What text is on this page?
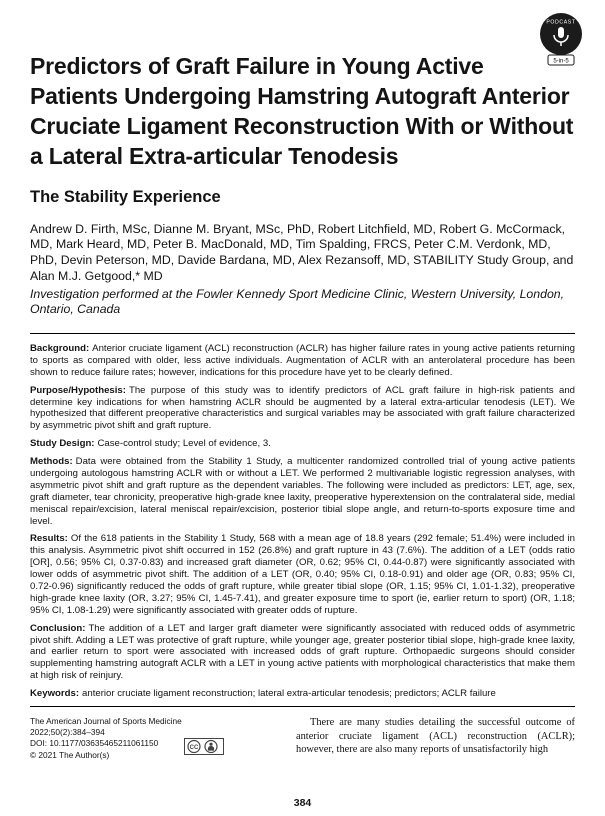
PODCAST
5-in-5
Predictors of Graft Failure in Young Active Patients Undergoing Hamstring Autograft Anterior Cruciate Ligament Reconstruction With or Without a Lateral Extra-articular Tenodesis
The Stability Experience
Andrew D. Firth, MSc, Dianne M. Bryant, MSc, PhD, Robert Litchfield, MD, Robert G. McCormack, MD, Mark Heard, MD, Peter B. MacDonald, MD, Tim Spalding, FRCS, Peter C.M. Verdonk, MD, PhD, Devin Peterson, MD, Davide Bardana, MD, Alex Rezansoff, MD, STABILITY Study Group, and Alan M.J. Getgood,* MD
Investigation performed at the Fowler Kennedy Sport Medicine Clinic, Western University, London, Ontario, Canada

Background: Anterior cruciate ligament (ACL) reconstruction (ACLR) has higher failure rates in young active patients returning to sports as compared with older, less active individuals. Augmentation of ACLR with an anterolateral procedure has been shown to reduce failure rates; however, indications for this procedure have yet to be clearly defined.

Purpose/Hypothesis: The purpose of this study was to identify predictors of ACL graft failure in high-risk patients and determine key indications for when hamstring ACLR should be augmented by a lateral extra-articular tenodesis (LET). We hypothesized that different preoperative characteristics and surgical variables may be associated with graft failure characterized by asymmetric pivot shift and graft rupture.

Study Design: Case-control study; Level of evidence, 3.

Methods: Data were obtained from the Stability 1 Study, a multicenter randomized controlled trial of young active patients undergoing autologous hamstring ACLR with or without a LET. We performed 2 multivariable logistic regression analyses, with asymmetric pivot shift and graft rupture as the dependent variables. The following were included as predictors: LET, age, sex, graft diameter, tear chronicity, preoperative high-grade knee laxity, preoperative hyperextension on the contralateral side, medial meniscal repair/excision, lateral meniscal repair/excision, posterior tibial slope angle, and return-to-sports exposure time and level.

Results: Of the 618 patients in the Stability 1 Study, 568 with a mean age of 18.8 years (292 female; 51.4%) were included in this analysis. Asymmetric pivot shift occurred in 152 (26.8%) and graft rupture in 43 (7.6%). The addition of a LET (odds ratio [OR], 0.56; 95% CI, 0.37-0.83) and increased graft diameter (OR, 0.62; 95% CI, 0.44-0.87) were significantly associated with lower odds of asymmetric pivot shift. The addition of a LET (OR, 0.40; 95% CI, 0.18-0.91) and older age (OR, 0.83; 95% CI, 0.72-0.96) significantly reduced the odds of graft rupture, while greater tibial slope (OR, 1.15; 95% CI, 1.01-1.32), preoperative high-grade knee laxity (OR, 3.27; 95% CI, 1.45-7.41), and greater exposure time to sport (ie, earlier return to sport) (OR, 1.18; 95% CI, 1.08-1.29) were significantly associated with greater odds of rupture.

Conclusion: The addition of a LET and larger graft diameter were significantly associated with reduced odds of asymmetric pivot shift. Adding a LET was protective of graft rupture, while younger age, greater posterior tibial slope, high-grade knee laxity, and earlier return to sport were associated with increased odds of graft rupture. Orthopaedic surgeons should consider supplementing hamstring autograft ACLR with a LET in young active patients with morphological characteristics that make them at high risk of reinjury.

Keywords: anterior cruciate ligament reconstruction; lateral extra-articular tenodesis; predictors; ACLR failure

The American Journal of Sports Medicine
2022;50(2):384–394
DOI: 10.1177/03635465211061150
© 2021 The Author(s)
CC

There are many studies detailing the successful outcome of anterior cruciate ligament (ACL) reconstruction (ACLR); however, there are also many reports of unsatisfactorily high

384
